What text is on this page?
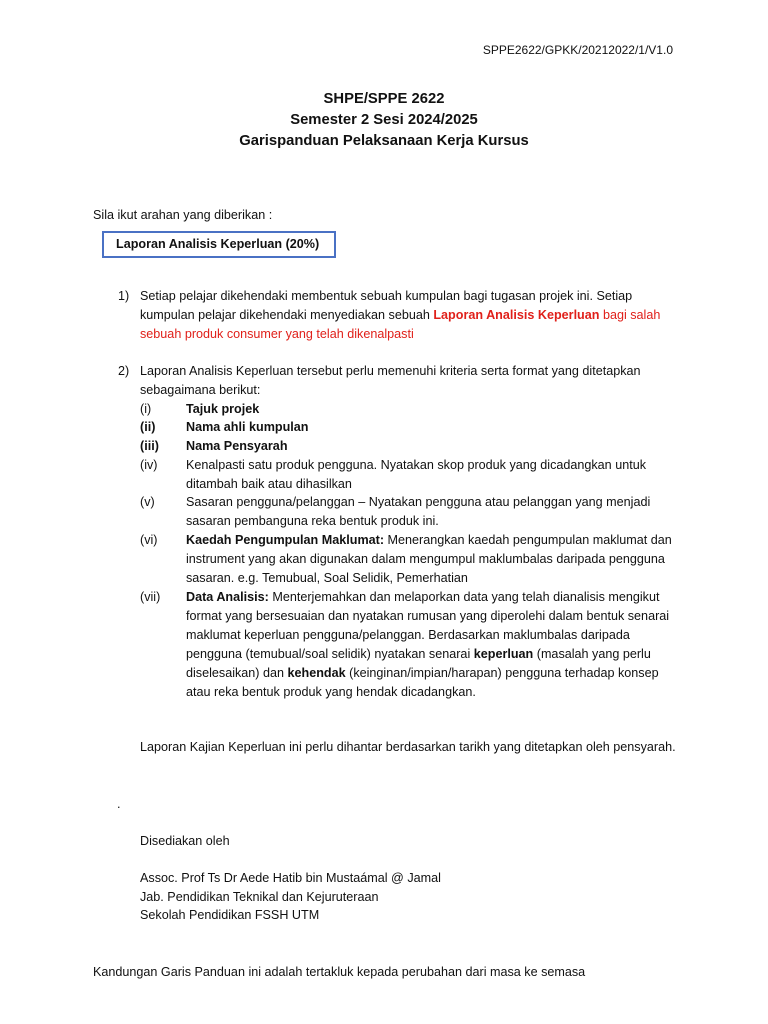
SPPE2622/GPKK/20212022/1/V1.0
SHPE/SPPE 2622
Semester 2 Sesi 2024/2025
Garispanduan Pelaksanaan Kerja Kursus
Sila ikut arahan yang diberikan :
Laporan Analisis Keperluan (20%)
1) Setiap pelajar dikehendaki membentuk sebuah kumpulan bagi tugasan projek ini. Setiap kumpulan pelajar dikehendaki menyediakan sebuah Laporan Analisis Keperluan bagi salah sebuah produk consumer yang telah dikenalpasti
2) Laporan Analisis Keperluan tersebut perlu memenuhi kriteria serta format yang ditetapkan sebagaimana berikut:
(i)	Tajuk projek
(ii)	Nama ahli kumpulan
(iii)	Nama Pensyarah
(iv)	Kenalpasti satu produk pengguna. Nyatakan skop produk yang dicadangkan untuk ditambah baik atau dihasilkan
(v)	Sasaran pengguna/pelanggan – Nyatakan pengguna atau pelanggan yang menjadi sasaran pembanguna reka bentuk produk ini.
(vi)	Kaedah Pengumpulan Maklumat: Menerangkan kaedah pengumpulan maklumat dan instrument yang akan digunakan dalam mengumpul maklumbalas daripada pengguna sasaran. e.g. Temubual, Soal Selidik, Pemerhatian
(vii)	Data Analisis: Menterjemahkan dan melaporkan data yang telah dianalisis mengikut format yang bersesuaian dan nyatakan rumusan yang diperolehi dalam bentuk senarai maklumat keperluan pengguna/pelanggan. Berdasarkan maklumbalas daripada pengguna (temubual/soal selidik) nyatakan senarai keperluan (masalah yang perlu diselesaikan) dan kehendak (keinginan/impian/harapan) pengguna terhadap konsep atau reka bentuk produk yang hendak dicadangkan.
Laporan Kajian Keperluan ini perlu dihantar berdasarkan tarikh yang ditetapkan oleh pensyarah.
.
Disediakan oleh
Assoc. Prof Ts Dr Aede Hatib bin Mustaámal @ Jamal
Jab. Pendidikan Teknikal dan Kejuruteraan
Sekolah Pendidikan FSSH UTM
Kandungan Garis Panduan ini adalah tertakluk kepada perubahan dari masa ke semasa
